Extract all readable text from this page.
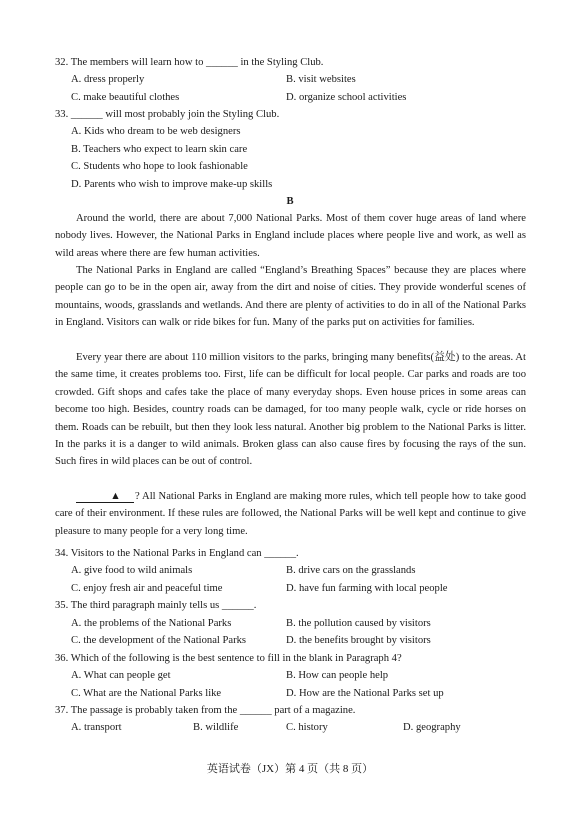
32. The members will learn how to ______ in the Styling Club.
A. dress properly	B. visit websites
C. make beautiful clothes	D. organize school activities
33. ______ will most probably join the Styling Club.
A. Kids who dream to be web designers
B. Teachers who expect to learn skin care
C. Students who hope to look fashionable
D. Parents who wish to improve make-up skills
B

Around the world, there are about 7,000 National Parks. Most of them cover huge areas of land where nobody lives. However, the National Parks in England include places where people live and work, as well as wild areas where there are few human activities.

The National Parks in England are called “England’s Breathing Spaces” because they are places where people can go to be in the open air, away from the dirt and noise of cities. They provide wonderful scenes of mountains, woods, grasslands and wetlands. And there are plenty of activities to do in all of the National Parks in England. Visitors can walk or ride bikes for fun. Many of the parks put on activities for families.

Every year there are about 110 million visitors to the parks, bringing many benefits(益处) to the areas. At the same time, it creates problems too. First, life can be difficult for local people. Car parks and roads are too crowded. Gift shops and cafes take the place of many everyday shops. Even house prices in some areas can become too high. Besides, country roads can be damaged, for too many people walk, cycle or ride horses on them. Roads can be rebuilt, but then they look less natural. Another big problem to the National Parks is litter. In the parks it is a danger to wild animals. Broken glass can also cause fires by focusing the rays of the sun. Such fires in wild places can be out of control.

▲ ? All National Parks in England are making more rules, which tell people how to take good care of their environment. If these rules are followed, the National Parks will be well kept and continue to give pleasure to many people for a very long time.

34. Visitors to the National Parks in England can ______.
A. give food to wild animals	B. drive cars on the grasslands
C. enjoy fresh air and peaceful time	D. have fun farming with local people
35. The third paragraph mainly tells us ______.
A. the problems of the National Parks	B. the pollution caused by visitors
C. the development of the National Parks	D. the benefits brought by visitors
36. Which of the following is the best sentence to fill in the blank in Paragraph 4?
A. What can people get	B. How can people help
C. What are the National Parks like	D. How are the National Parks set up
37. The passage is probably taken from the ______ part of a magazine.
A. transport	B. wildlife	C. history	D. geography
英语试卷（JX）第 4 页（共 8 页）
